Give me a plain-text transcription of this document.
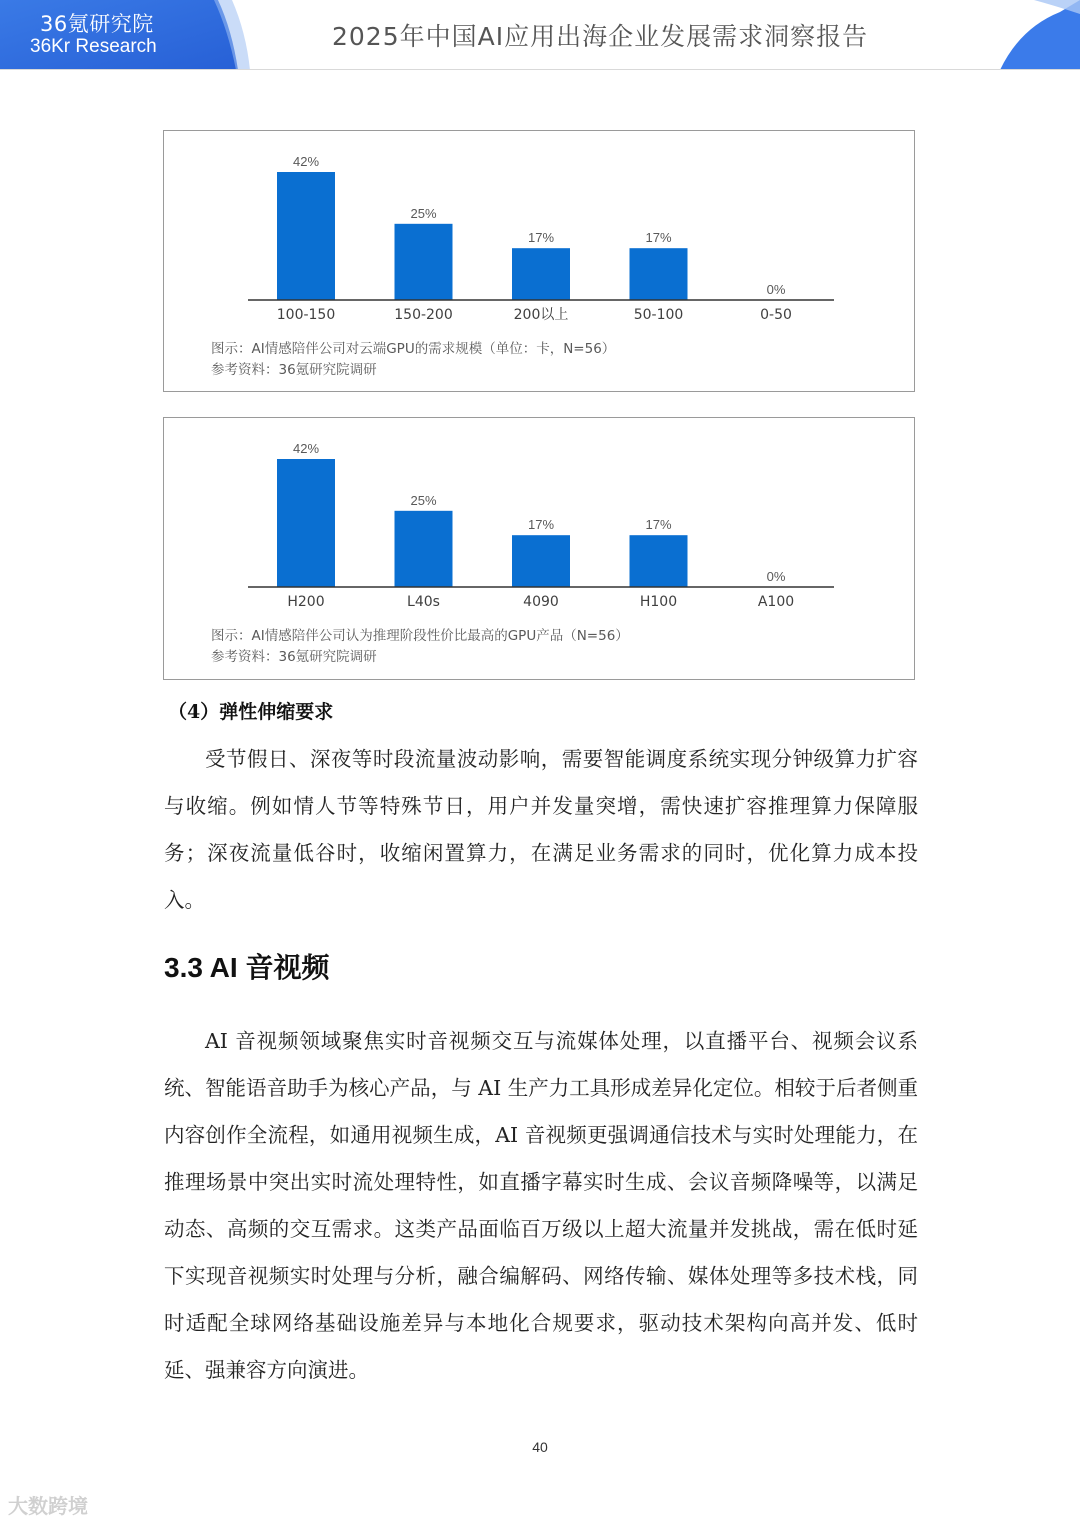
36氪研究院
36Kr Research	2025年中国AI应用出海企业发展需求洞察报告
42%
100-150
25%
150-200
17%
200以上
17%
50-100
0%
0-50
图示：AI情感陪伴公司对云端GPU的需求规模（单位：卡，N=56）
参考资料：36氪研究院调研
42%
H200
25%
L40s
17%
4090
17%
H100
0%
A100
图示：AI情感陪伴公司认为推理阶段性价比最高的GPU产品（N=56）
参考资料：36氪研究院调研
（4）弹性伸缩要求

受节假日、深夜等时段流量波动影响，需要智能调度系统实现分钟级算力扩容与收缩。例如情人节等特殊节日，用户并发量突增，需快速扩容推理算力保障服务；深夜流量低谷时，收缩闲置算力，在满足业务需求的同时，优化算力成本投入。

3.3 AI 音视频

AI 音视频领域聚焦实时音视频交互与流媒体处理，以直播平台、视频会议系统、智能语音助手为核心产品，与 AI 生产力工具形成差异化定位。相较于后者侧重内容创作全流程，如通用视频生成，AI 音视频更强调通信技术与实时处理能力，在推理场景中突出实时流处理特性，如直播字幕实时生成、会议音频降噪等，以满足动态、高频的交互需求。这类产品面临百万级以上超大流量并发挑战，需在低时延下实现音视频实时处理与分析，融合编解码、网络传输、媒体处理等多技术栈，同时适配全球网络基础设施差异与本地化合规要求，驱动技术架构向高并发、低时延、强兼容方向演进。

40
大数跨境
